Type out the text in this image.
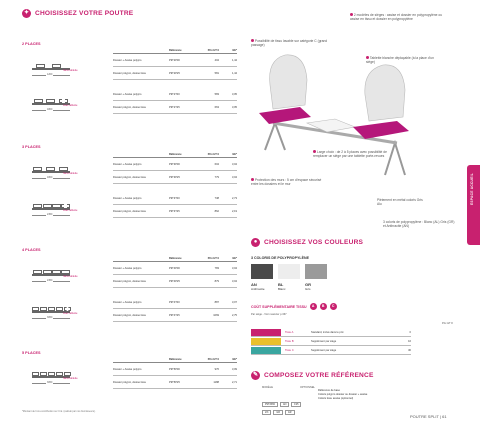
✦ CHOISISSEZ VOTRE POUTRE
2 PLACES
Référence	Prix HT €	EE*
Dossier + Assise polypro	P9T2P00	404	1,44
Dossier polypro, Assise tissu	P9T2P25	581	1,44
Dossier + Assise polypro	P9T2T00	583	3,05
Dossier polypro, Assise tissu	P9T2T25	663	3,05
1200
Sans tablette
1800
Avec tablette
3 PLACES
Référence	Prix HT €	EE*
Dossier + Assise polypro	P9T3P00	604	3,04
Dossier polypro, Assise tissu	P9T3P25	779	3,04
Dossier + Assise polypro	P9T3T00	738	2,73
Dossier polypro, Assise tissu	P9T3T25	862	2,19
1800
Sans tablette
2450
Avec tablette
4 PLACES
Référence	Prix HT €	EE*
Dossier + Assise polypro	P9T4P00	783	3,04
Dossier polypro, Assise tissu	P9T4P25	879	3,04
Dossier + Assise polypro	P9T4T00	887	3,07
Dossier polypro, Assise tissu	P9T4T25	1069	2,75
2450
Sans tablette
3050
Avec tablette
5 PLACES
Référence	Prix HT €	EE*
Dossier + Assise polypro	P9T5P00	976	3,09
Dossier polypro, Assise tissu	P9T5P25	1188	2,71
3050
Sans tablette
*Montant de l'éco-contribution sur C.E. (calculé par nos fournisseurs).
2 modèles de sièges : assise et dossier en polypropylène ou assise en tissu et dossier en polypropylène
Possibilité de tissu lavable sur catégorie C (grand passage)
Tablette blanche déplaçable (à la place d'un siège)
Large choix : de 2 à 5 places avec possibilité de remplacer un siège par une tablette porte-revues
Protection des murs : 5 cm d'espace sécurisé entre les dossiers et le mur
Piètement en métal coloris Gris Alu
3 coloris de polypropylène : Blanc (AL) Gris (GR) et Anthracite (AN)
ESPACE ACCUEIL
●	CHOISISSEZ VOS COULEURS
3 COLORIS DE POLYPROPYLÈNE
AN
Anthracite
BL
Blanc
GR
Gris
COÛT SUPPLÉMENTAIRE TISSU	A	B	C
Par siège - Voir nuancier p.367
Prix HT €
Tissu A	Standard, inclus dans le prix	0
Tissu B	Supplément par siège	16
Tissu C	Supplément par siège	30
✎ COMPOSEZ VOTRE RÉFÉRENCE
MODÈLE	OPTIONNEL
P9T3P00	AN	F25
2/3	GR	GR
Référence de base
Coloris polypro dossier ou dossier + assise
Coloris tissu assise (optionnel)
POUTRE SPLIT | 61
